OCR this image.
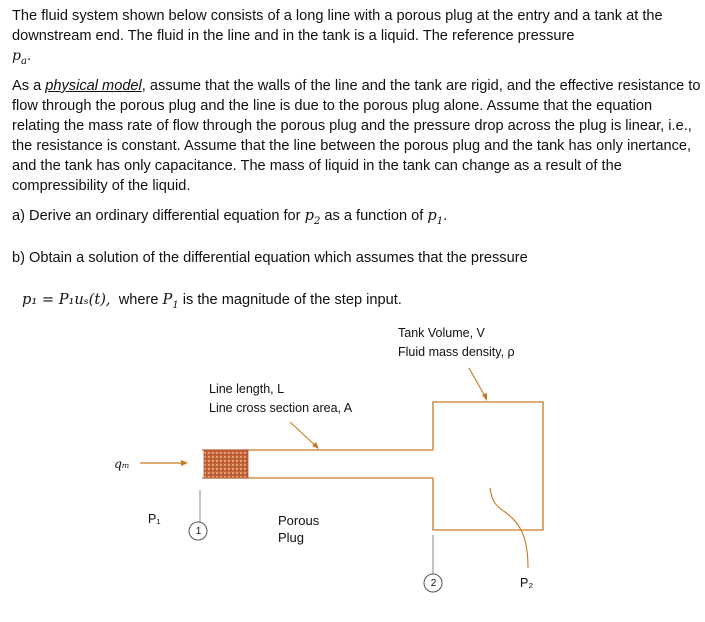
The fluid system shown below consists of a long line with a porous plug at the entry and a tank at the downstream end. The fluid in the line and in the tank is a liquid. The reference pressure
$p_a$.
As a physical model, assume that the walls of the line and the tank are rigid, and the effective resistance to flow through the porous plug and the line is due to the porous plug alone. Assume that the equation relating the mass rate of flow through the porous plug and the pressure drop across the plug is linear, i.e., the resistance is constant. Assume that the line between the porous plug and the tank has only inertance, and the tank has only capacitance. The mass of liquid in the tank can change as a result of the compressibility of the liquid.
a) Derive an ordinary differential equation for $p_2$ as a function of $p_1$.
b) Obtain a solution of the differential equation which assumes that the pressure
p₁ = P₁uₛ(t), where $P_1$ is the magnitude of the step input.
Tank Volume, V
Fluid mass density, ρ
Line length, L
Line cross section area, A
qₘ
P₁
1
Porous
Plug
2	P₂
